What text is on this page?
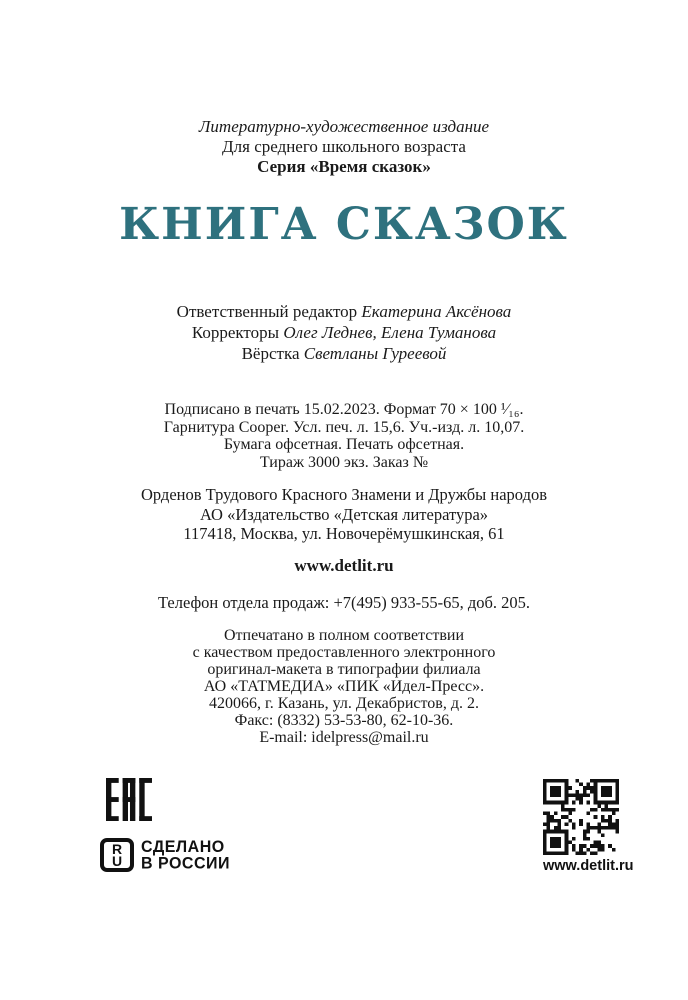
Литературно-художественное издание
Для среднего школьного возраста
Серия «Время сказок»
КНИГА СКАЗОК
Ответственный редактор Екатерина Аксёнова
Корректоры Олег Леднев, Елена Туманова
Вёрстка Светланы Гуреевой
Подписано в печать 15.02.2023. Формат 70 × 100 ¹⁄₁₆.
Гарнитура Cooper. Усл. печ. л. 15,6. Уч.-изд. л. 10,07.
Бумага офсетная. Печать офсетная.
Тираж 3000 экз. Заказ №
Орденов Трудового Красного Знамени и Дружбы народов
АО «Издательство «Детская литература»
117418, Москва, ул. Новочерёмушкинская, 61
www.detlit.ru
Телефон отдела продаж: +7(495) 933-55-65, доб. 205.
Отпечатано в полном соответствии
с качеством предоставленного электронного
оригинал-макета в типографии филиала
АО «ТАТМЕДИА» «ПИК «Идел-Пресс».
420066, г. Казань, ул. Декабристов, д. 2.
Факс: (8332) 53-53-80, 62-10-36.
E-mail: idelpress@mail.ru
R
U
СДЕЛАНО
В РОССИИ	www.detlit.ru
